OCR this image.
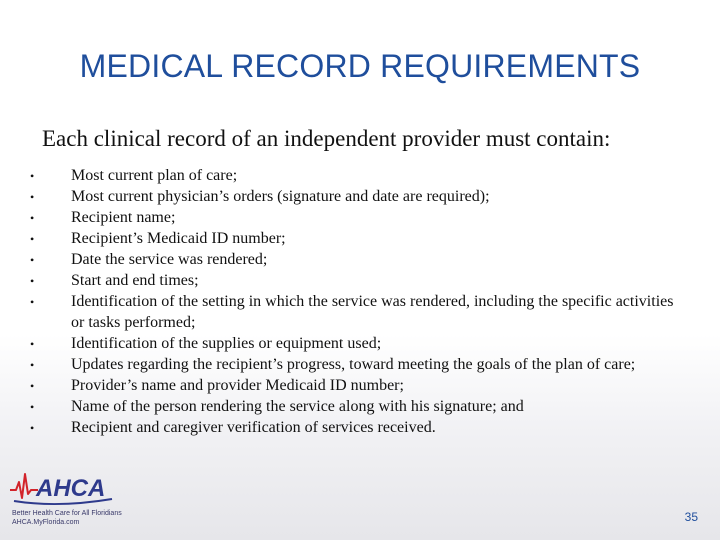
MEDICAL RECORD REQUIREMENTS
Each clinical record of an independent provider must contain:
•	Most current plan of care;
•	Most current physician’s orders (signature and date are required);
•	Recipient name;
•	Recipient’s Medicaid ID number;
•	Date the service was rendered;
•	Start and end times;
•	Identification of the setting in which the service was rendered, including the specific activities or tasks performed;
•	Identification of the supplies or equipment used;
•	Updates regarding the recipient’s progress, toward meeting the goals of the plan of care;
•	Provider’s name and provider Medicaid ID number;
•	Name of the person rendering the service along with his signature; and
•	Recipient and caregiver verification of services received.
AHCA
Better Health Care for All Floridians
AHCA.MyFlorida.com	35
